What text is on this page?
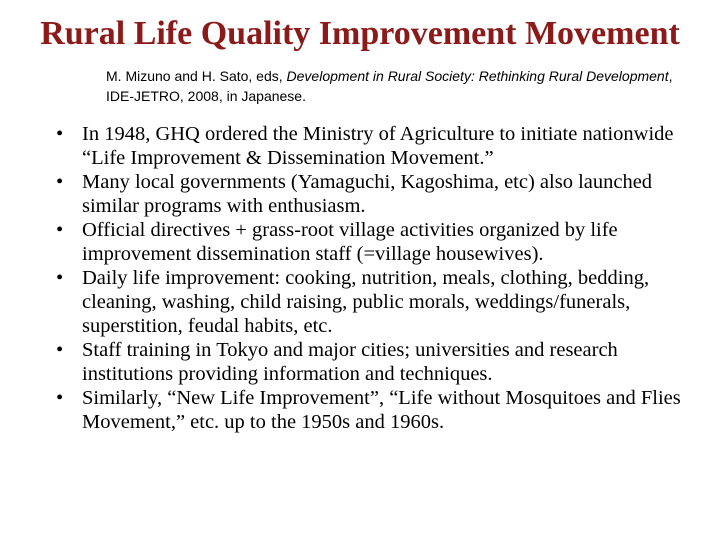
Rural Life Quality Improvement Movement
M. Mizuno and H. Sato, eds, Development in Rural Society: Rethinking Rural Development, IDE-JETRO, 2008, in Japanese.
• In 1948, GHQ ordered the Ministry of Agriculture to initiate nationwide “Life Improvement & Dissemination Movement.”
• Many local governments (Yamaguchi, Kagoshima, etc) also launched similar programs with enthusiasm.
• Official directives + grass-root village activities organized by life improvement dissemination staff (=village housewives).
• Daily life improvement: cooking, nutrition, meals, clothing, bedding, cleaning, washing, child raising, public morals, weddings/funerals, superstition, feudal habits, etc.
• Staff training in Tokyo and major cities; universities and research institutions providing information and techniques.
• Similarly, “New Life Improvement”, “Life without Mosquitoes and Flies Movement,” etc. up to the 1950s and 1960s.
